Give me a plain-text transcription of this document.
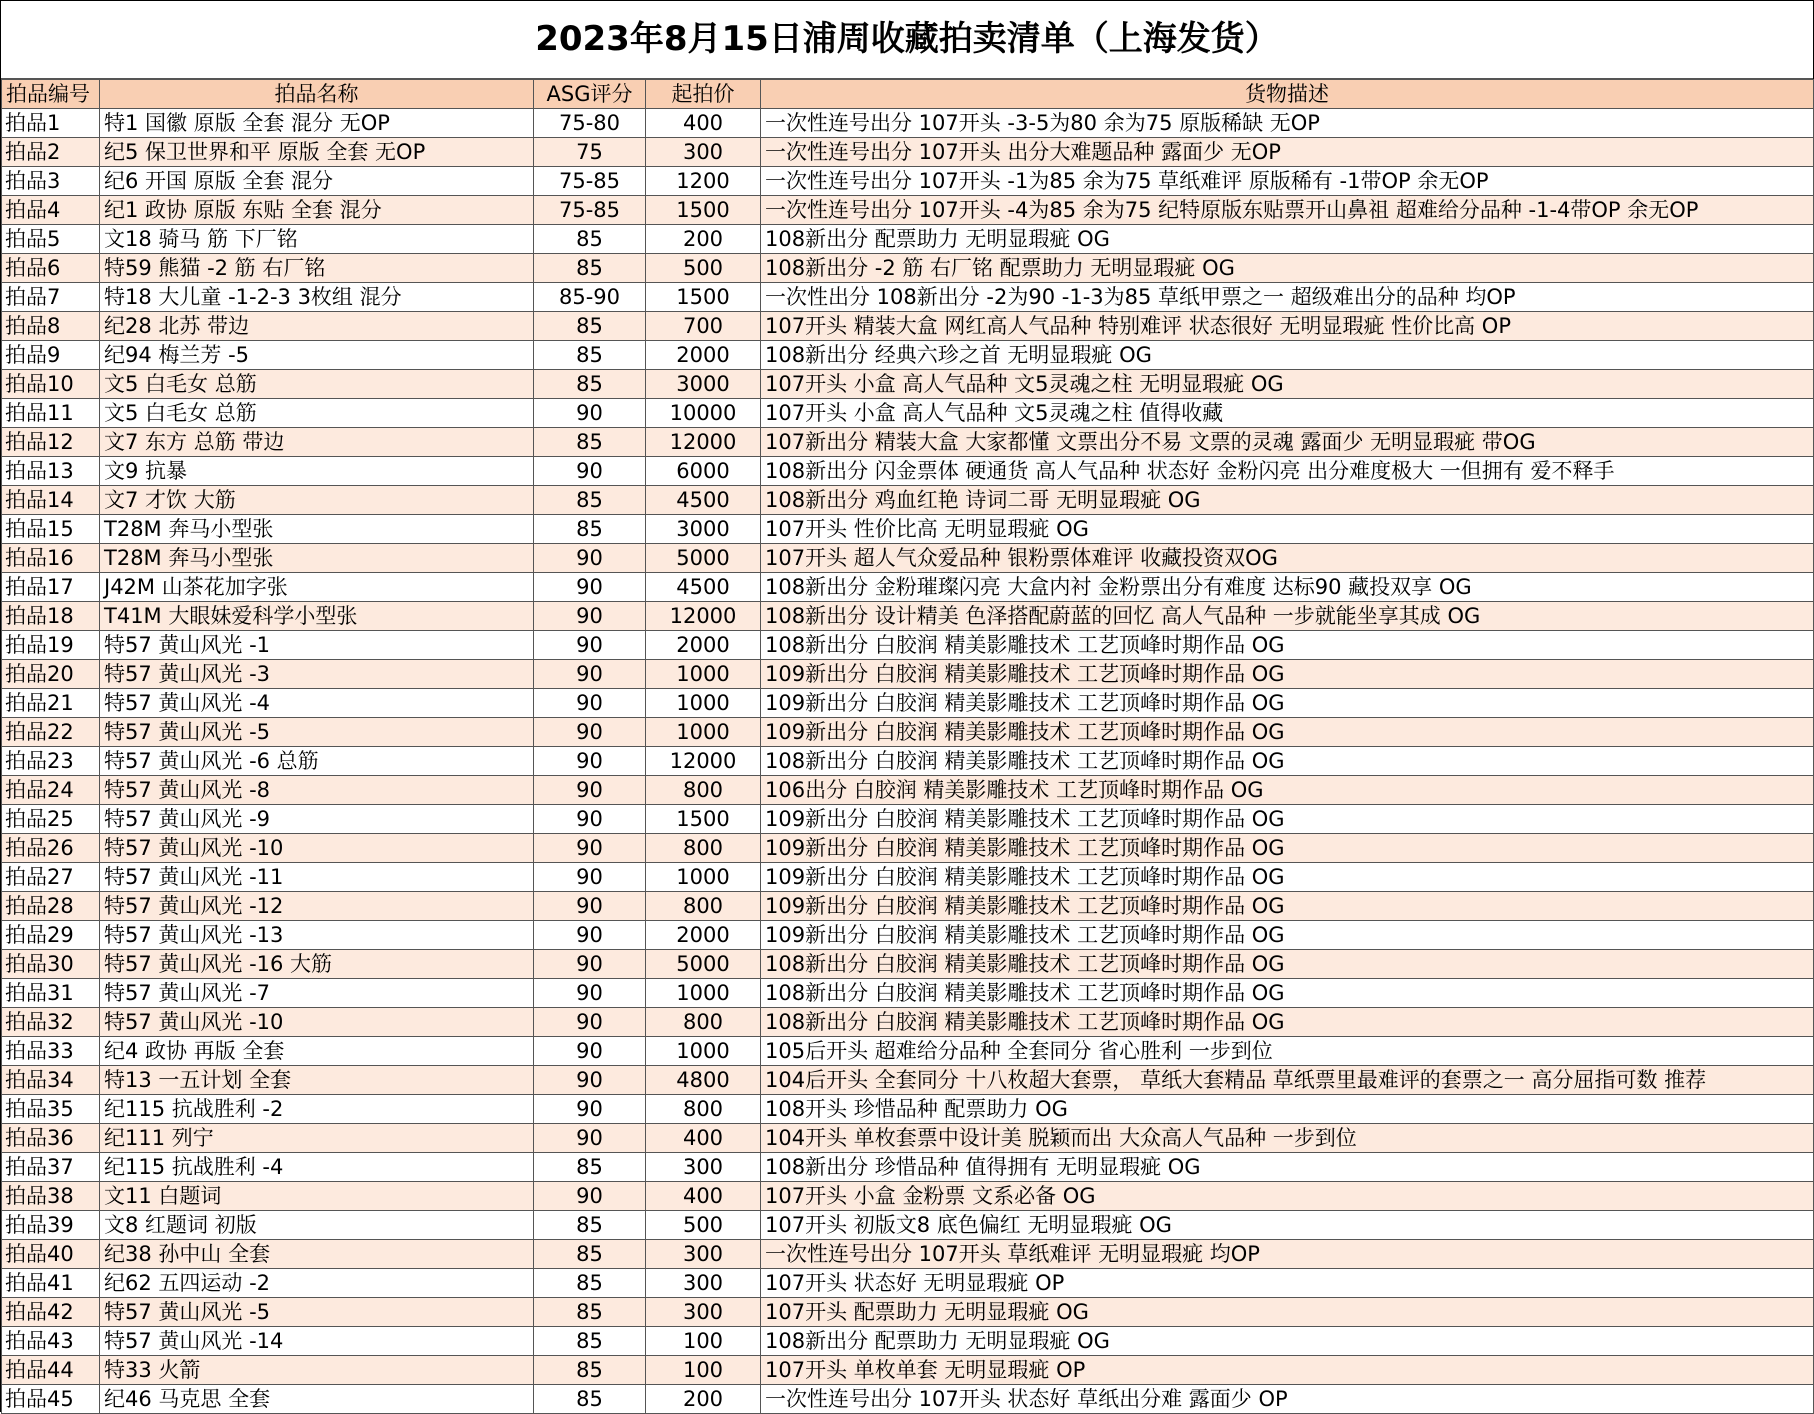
2023年8月15日浦周收藏拍卖清单（上海发货）
拍品编号	拍品名称	ASG评分	起拍价	货物描述
拍品1	特1 国徽 原版 全套 混分 无OP	75-80	400	一次性连号出分 107开头 -3-5为80 余为75 原版稀缺 无OP
拍品2	纪5 保卫世界和平 原版 全套 无OP	75	300	一次性连号出分 107开头 出分大难题品种 露面少 无OP
拍品3	纪6 开国 原版 全套 混分	75-85	1200	一次性连号出分 107开头 -1为85 余为75 草纸难评 原版稀有 -1带OP 余无OP
拍品4	纪1 政协 原版 东贴 全套 混分	75-85	1500	一次性连号出分 107开头 -4为85 余为75 纪特原版东贴票开山鼻祖 超难给分品种 -1-4带OP 余无OP
拍品5	文18 骑马 筋 下厂铭	85	200	108新出分 配票助力 无明显瑕疵 OG
拍品6	特59 熊猫 -2 筋 右厂铭	85	500	108新出分 -2 筋 右厂铭 配票助力 无明显瑕疵 OG
拍品7	特18 大儿童 -1-2-3 3枚组 混分	85-90	1500	一次性出分 108新出分 -2为90 -1-3为85 草纸甲票之一 超级难出分的品种 均OP
拍品8	纪28 北苏 带边	85	700	107开头 精装大盒 网红高人气品种 特别难评 状态很好 无明显瑕疵 性价比高 OP
拍品9	纪94 梅兰芳 -5	85	2000	108新出分 经典六珍之首 无明显瑕疵 OG
拍品10	文5 白毛女 总筋	85	3000	107开头 小盒 高人气品种 文5灵魂之柱 无明显瑕疵 OG
拍品11	文5 白毛女 总筋	90	10000	107开头 小盒 高人气品种 文5灵魂之柱 值得收藏
拍品12	文7 东方 总筋 带边	85	12000	107新出分 精装大盒 大家都懂 文票出分不易 文票的灵魂 露面少 无明显瑕疵 带OG
拍品13	文9 抗暴	90	6000	108新出分 闪金票体 硬通货 高人气品种 状态好 金粉闪亮 出分难度极大 一但拥有 爱不释手
拍品14	文7 才饮 大筋	85	4500	108新出分 鸡血红艳 诗词二哥 无明显瑕疵 OG
拍品15	T28M 奔马小型张	85	3000	107开头 性价比高 无明显瑕疵 OG
拍品16	T28M 奔马小型张	90	5000	107开头 超人气众爱品种 银粉票体难评 收藏投资双OG
拍品17	J42M 山茶花加字张	90	4500	108新出分 金粉璀璨闪亮 大盒内衬 金粉票出分有难度 达标90 藏投双享 OG
拍品18	T41M 大眼妹爱科学小型张	90	12000	108新出分 设计精美 色泽搭配蔚蓝的回忆 高人气品种 一步就能坐享其成 OG
拍品19	特57 黄山风光 -1	90	2000	108新出分 白胶润 精美影雕技术 工艺顶峰时期作品 OG
拍品20	特57 黄山风光 -3	90	1000	109新出分 白胶润 精美影雕技术 工艺顶峰时期作品 OG
拍品21	特57 黄山风光 -4	90	1000	109新出分 白胶润 精美影雕技术 工艺顶峰时期作品 OG
拍品22	特57 黄山风光 -5	90	1000	109新出分 白胶润 精美影雕技术 工艺顶峰时期作品 OG
拍品23	特57 黄山风光 -6 总筋	90	12000	108新出分 白胶润 精美影雕技术 工艺顶峰时期作品 OG
拍品24	特57 黄山风光 -8	90	800	106出分 白胶润 精美影雕技术 工艺顶峰时期作品 OG
拍品25	特57 黄山风光 -9	90	1500	109新出分 白胶润 精美影雕技术 工艺顶峰时期作品 OG
拍品26	特57 黄山风光 -10	90	800	109新出分 白胶润 精美影雕技术 工艺顶峰时期作品 OG
拍品27	特57 黄山风光 -11	90	1000	109新出分 白胶润 精美影雕技术 工艺顶峰时期作品 OG
拍品28	特57 黄山风光 -12	90	800	109新出分 白胶润 精美影雕技术 工艺顶峰时期作品 OG
拍品29	特57 黄山风光 -13	90	2000	109新出分 白胶润 精美影雕技术 工艺顶峰时期作品 OG
拍品30	特57 黄山风光 -16 大筋	90	5000	108新出分 白胶润 精美影雕技术 工艺顶峰时期作品 OG
拍品31	特57 黄山风光 -7	90	1000	108新出分 白胶润 精美影雕技术 工艺顶峰时期作品 OG
拍品32	特57 黄山风光 -10	90	800	108新出分 白胶润 精美影雕技术 工艺顶峰时期作品 OG
拍品33	纪4 政协 再版 全套	90	1000	105后开头 超难给分品种 全套同分 省心胜利 一步到位
拍品34	特13 一五计划 全套	90	4800	104后开头 全套同分 十八枚超大套票， 草纸大套精品 草纸票里最难评的套票之一 高分屈指可数 推荐
拍品35	纪115 抗战胜利 -2	90	800	108开头 珍惜品种 配票助力 OG
拍品36	纪111 列宁	90	400	104开头 单枚套票中设计美 脱颖而出 大众高人气品种 一步到位
拍品37	纪115 抗战胜利 -4	85	300	108新出分 珍惜品种 值得拥有 无明显瑕疵 OG
拍品38	文11 白题词	90	400	107开头 小盒 金粉票 文系必备 OG
拍品39	文8 红题词 初版	85	500	107开头 初版文8 底色偏红 无明显瑕疵 OG
拍品40	纪38 孙中山 全套	85	300	一次性连号出分 107开头 草纸难评 无明显瑕疵 均OP
拍品41	纪62 五四运动 -2	85	300	107开头 状态好 无明显瑕疵 OP
拍品42	特57 黄山风光 -5	85	300	107开头 配票助力 无明显瑕疵 OG
拍品43	特57 黄山风光 -14	85	100	108新出分 配票助力 无明显瑕疵 OG
拍品44	特33 火箭	85	100	107开头 单枚单套 无明显瑕疵 OP
拍品45	纪46 马克思 全套	85	200	一次性连号出分 107开头 状态好 草纸出分难 露面少 OP
